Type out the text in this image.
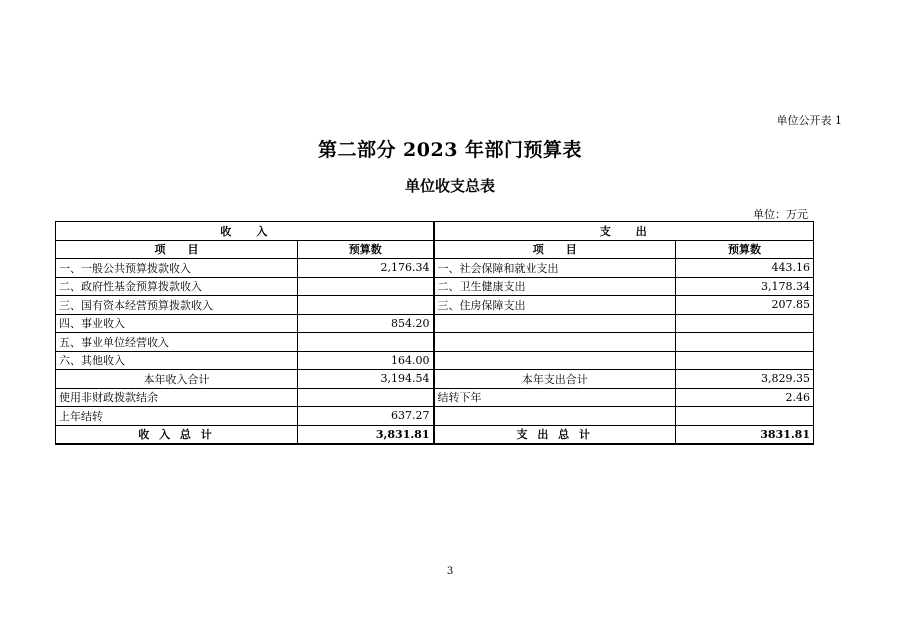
单位公开表 1
第二部分 2023 年部门预算表
单位收支总表
单位：万元
收　　入		支　　出	
项　　目	预算数	项　　目	预算数
一、一般公共预算拨款收入	2,176.34	一、社会保障和就业支出	443.16
二、政府性基金预算拨款收入		二、卫生健康支出	3,178.34
三、国有资本经营预算拨款收入		三、住房保障支出	207.85
四、事业收入	854.20		
五、事业单位经营收入			
六、其他收入	164.00		
本年收入合计	3,194.54	本年支出合计	3,829.35
使用非财政拨款结余		结转下年	2.46
上年结转	637.27		
收 入 总 计	3,831.81	支 出 总 计	3831.81
3
